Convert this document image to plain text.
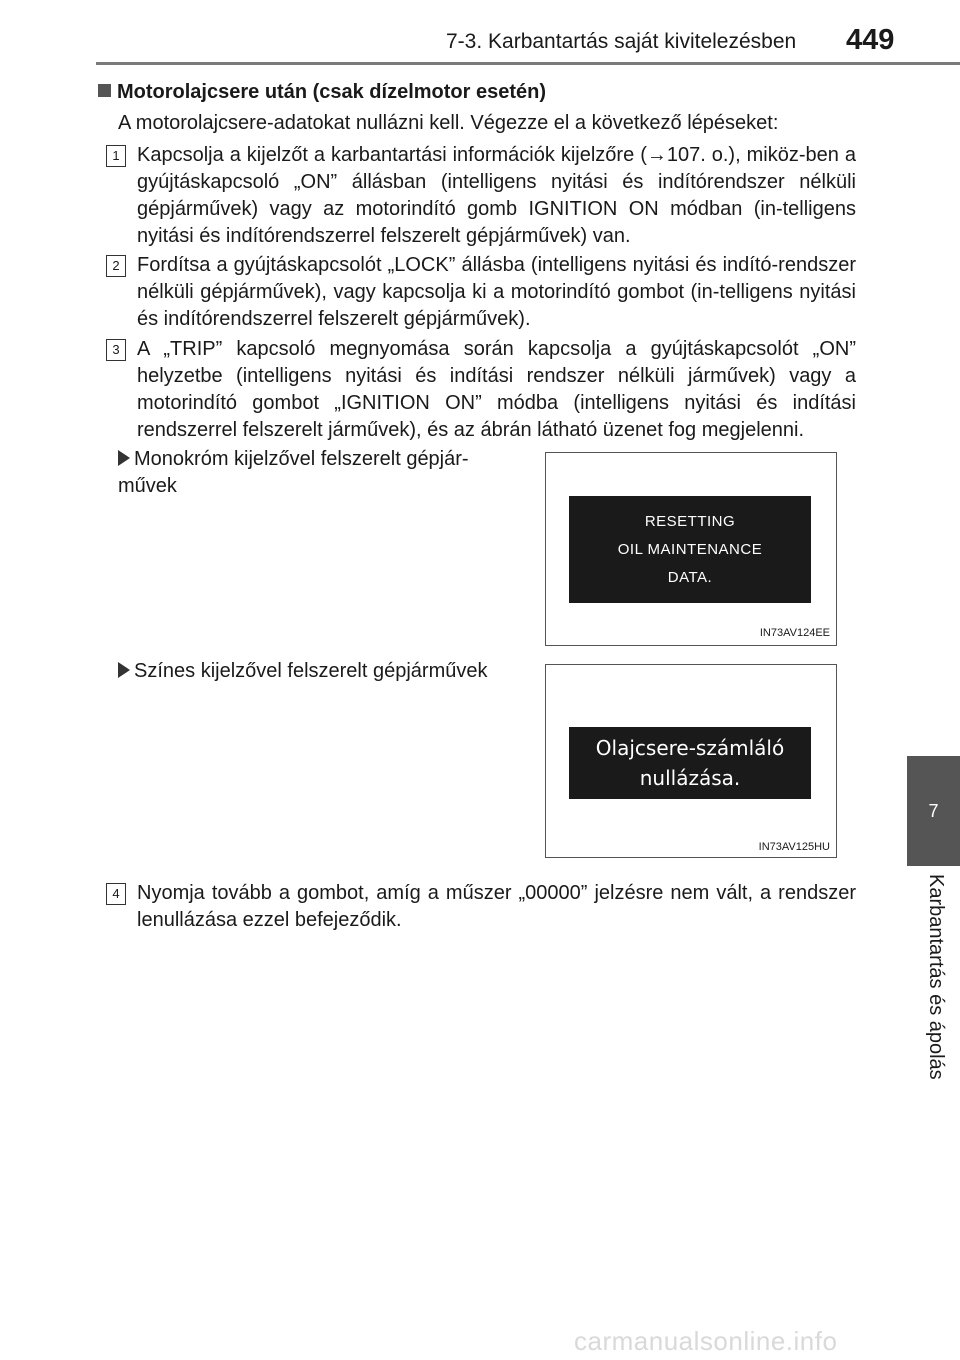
7-3. Karbantartás saját kivitelezésben 449
Motorolajcsere után (csak dízelmotor esetén)
A motorolajcsere-adatokat nullázni kell. Végezze el a következő lépéseket:
1 Kapcsolja a kijelzőt a karbantartási információk kijelzőre (→107. o.), miköz-ben a gyújtáskapcsoló „ON” állásban (intelligens nyitási és indítórendszer nélküli gépjárművek) vagy az motorindító gomb IGNITION ON módban (in-telligens nyitási és indítórendszerrel felszerelt gépjárművek) van.
2 Fordítsa a gyújtáskapcsolót „LOCK” állásba (intelligens nyitási és indító-rendszer nélküli gépjárművek), vagy kapcsolja ki a motorindító gombot (in-telligens nyitási és indítórendszerrel felszerelt gépjárművek).
3 A „TRIP” kapcsoló megnyomása során kapcsolja a gyújtáskapcsolót „ON” helyzetbe (intelligens nyitási és indítási rendszer nélküli járművek) vagy a motorindító gombot „IGNITION ON” módba (intelligens nyitási és indítási rendszerrel felszerelt járművek), és az ábrán látható üzenet fog megjelenni.
Monokróm kijelzővel felszerelt gépjár-művek
RESETTING
OIL MAINTENANCE
DATA.
IN73AV124EE
Színes kijelzővel felszerelt gépjárművek
Olajcsere-számláló
nullázása.
IN73AV125HU
4 Nyomja tovább a gombot, amíg a műszer „00000” jelzésre nem vált, a rendszer lenullázása ezzel befejeződik.
7
Karbantartás és ápolás
carmanualsonline.info
